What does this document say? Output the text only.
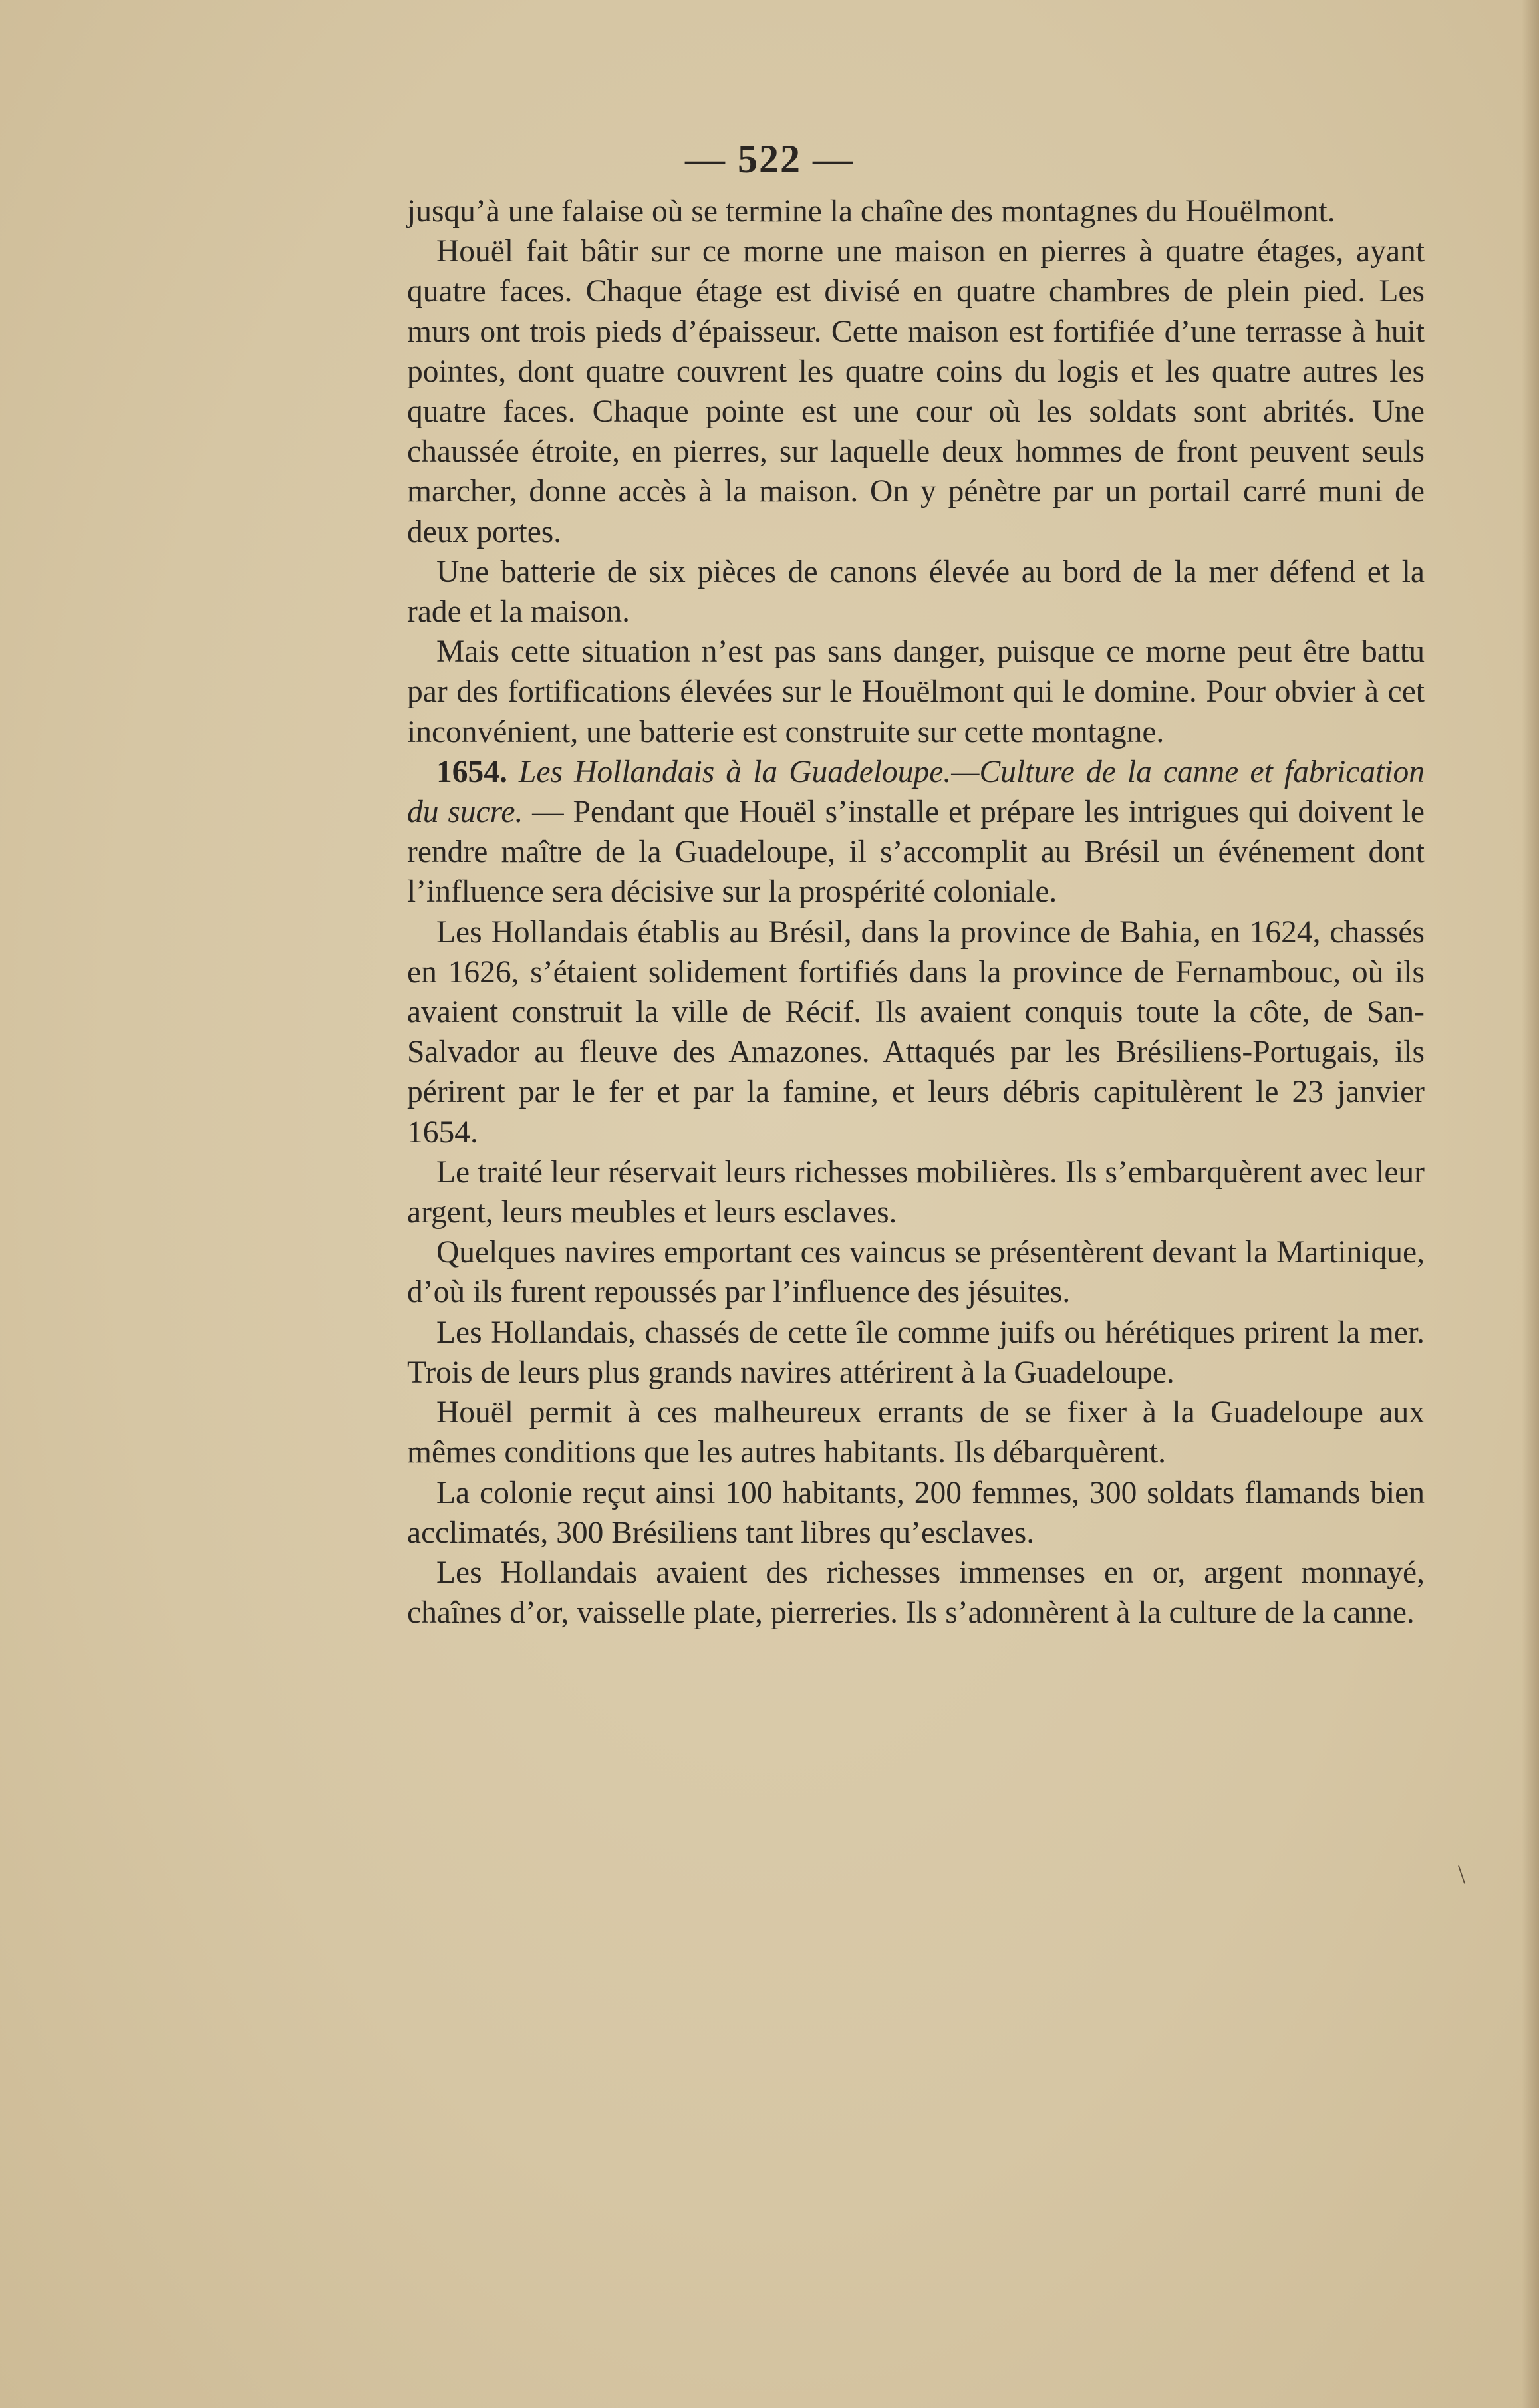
— 522 —

jusqu’à une falaise où se termine la chaîne des montagnes du Houëlmont.

Houël fait bâtir sur ce morne une maison en pierres à quatre étages, ayant quatre faces. Chaque étage est divisé en quatre chambres de plein pied. Les murs ont trois pieds d’épaisseur. Cette maison est fortifiée d’une terrasse à huit pointes, dont quatre couvrent les quatre coins du logis et les quatre autres les quatre faces. Chaque pointe est une cour où les soldats sont abrités. Une chaussée étroite, en pierres, sur laquelle deux hommes de front peuvent seuls marcher, donne accès à la maison. On y pénètre par un portail carré muni de deux portes.

Une batterie de six pièces de canons élevée au bord de la mer défend et la rade et la maison.

Mais cette situation n’est pas sans danger, puisque ce morne peut être battu par des fortifications élevées sur le Houëlmont qui le domine. Pour obvier à cet inconvénient, une batterie est construite sur cette montagne.

1654. Les Hollandais à la Guadeloupe.—Culture de la canne et fabrication du sucre. — Pendant que Houël s’installe et prépare les intrigues qui doivent le rendre maître de la Guadeloupe, il s’accomplit au Brésil un événement dont l’influence sera décisive sur la prospérité coloniale.

Les Hollandais établis au Brésil, dans la province de Bahia, en 1624, chassés en 1626, s’étaient solidement fortifiés dans la province de Fernambouc, où ils avaient construit la ville de Récif. Ils avaient conquis toute la côte, de San-Salvador au fleuve des Amazones. Attaqués par les Brésiliens-Portugais, ils périrent par le fer et par la famine, et leurs débris capitulèrent le 23 janvier 1654.

Le traité leur réservait leurs richesses mobilières. Ils s’embarquèrent avec leur argent, leurs meubles et leurs esclaves.

Quelques navires emportant ces vaincus se présentèrent devant la Martinique, d’où ils furent repoussés par l’influence des jésuites.

Les Hollandais, chassés de cette île comme juifs ou hérétiques prirent la mer. Trois de leurs plus grands navires attérirent à la Guadeloupe.

Houël permit à ces malheureux errants de se fixer à la Guadeloupe aux mêmes conditions que les autres habitants. Ils débarquèrent.

La colonie reçut ainsi 100 habitants, 200 femmes, 300 soldats flamands bien acclimatés, 300 Brésiliens tant libres qu’esclaves.

Les Hollandais avaient des richesses immenses en or, argent monnayé, chaînes d’or, vaisselle plate, pierreries. Ils s’adonnèrent à la culture de la canne.

\
